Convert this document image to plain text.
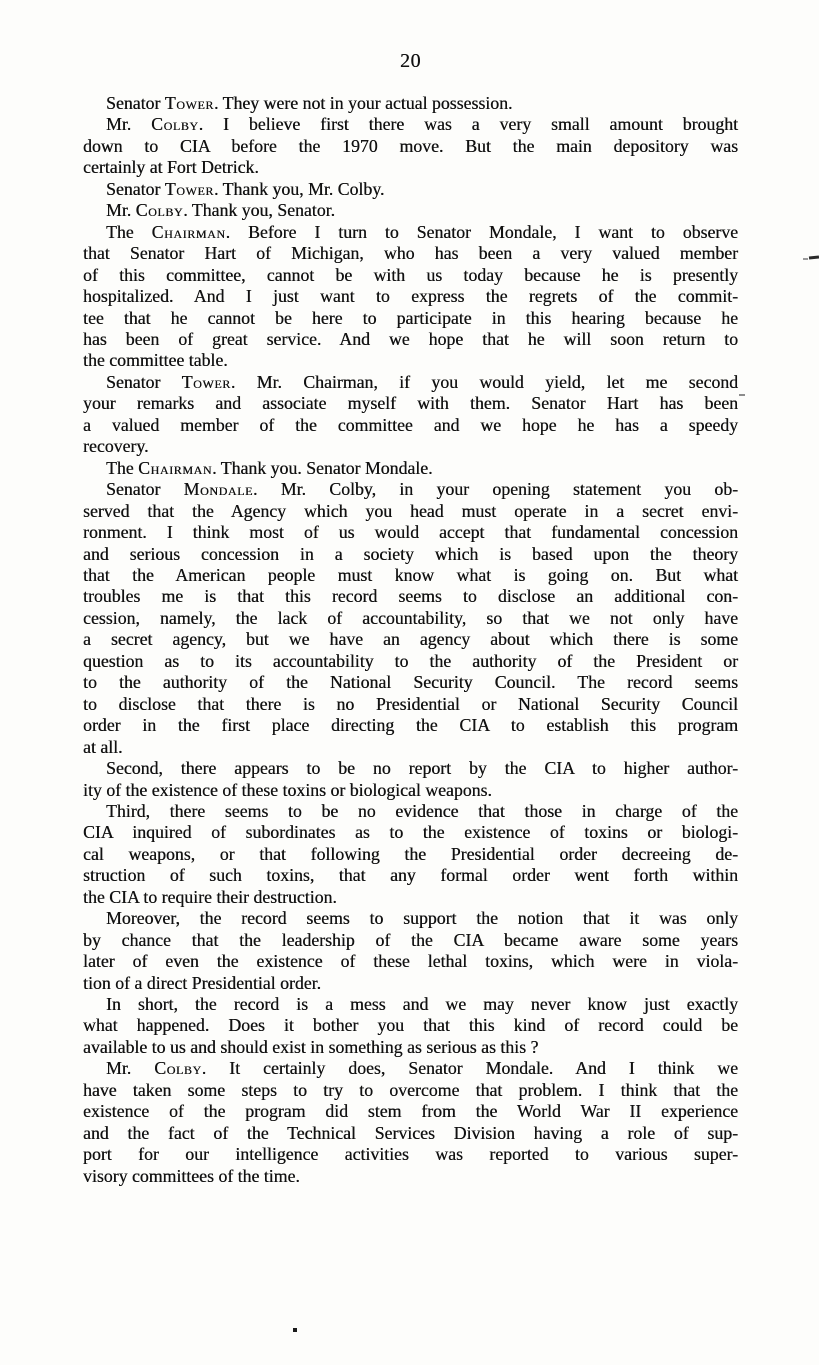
20
Senator Tower. They were not in your actual possession.
Mr. Colby. I believe first there was a very small amount brought
down to CIA before the 1970 move. But the main depository was
certainly at Fort Detrick.
Senator Tower. Thank you, Mr. Colby.
Mr. Colby. Thank you, Senator.
The Chairman. Before I turn to Senator Mondale, I want to observe
that Senator Hart of Michigan, who has been a very valued member
of this committee, cannot be with us today because he is presently
hospitalized. And I just want to express the regrets of the commit-
tee that he cannot be here to participate in this hearing because he
has been of great service. And we hope that he will soon return to
the committee table.
Senator Tower. Mr. Chairman, if you would yield, let me second
your remarks and associate myself with them. Senator Hart has been
a valued member of the committee and we hope he has a speedy
recovery.
The Chairman. Thank you. Senator Mondale.
Senator Mondale. Mr. Colby, in your opening statement you ob-
served that the Agency which you head must operate in a secret envi-
ronment. I think most of us would accept that fundamental concession
and serious concession in a society which is based upon the theory
that the American people must know what is going on. But what
troubles me is that this record seems to disclose an additional con-
cession, namely, the lack of accountability, so that we not only have
a secret agency, but we have an agency about which there is some
question as to its accountability to the authority of the President or
to the authority of the National Security Council. The record seems
to disclose that there is no Presidential or National Security Council
order in the first place directing the CIA to establish this program
at all.
Second, there appears to be no report by the CIA to higher author-
ity of the existence of these toxins or biological weapons.
Third, there seems to be no evidence that those in charge of the
CIA inquired of subordinates as to the existence of toxins or biologi-
cal weapons, or that following the Presidential order decreeing de-
struction of such toxins, that any formal order went forth within
the CIA to require their destruction.
Moreover, the record seems to support the notion that it was only
by chance that the leadership of the CIA became aware some years
later of even the existence of these lethal toxins, which were in viola-
tion of a direct Presidential order.
In short, the record is a mess and we may never know just exactly
what happened. Does it bother you that this kind of record could be
available to us and should exist in something as serious as this ?
Mr. Colby. It certainly does, Senator Mondale. And I think we
have taken some steps to try to overcome that problem. I think that the
existence of the program did stem from the World War II experience
and the fact of the Technical Services Division having a role of sup-
port for our intelligence activities was reported to various super-
visory committees of the time.
